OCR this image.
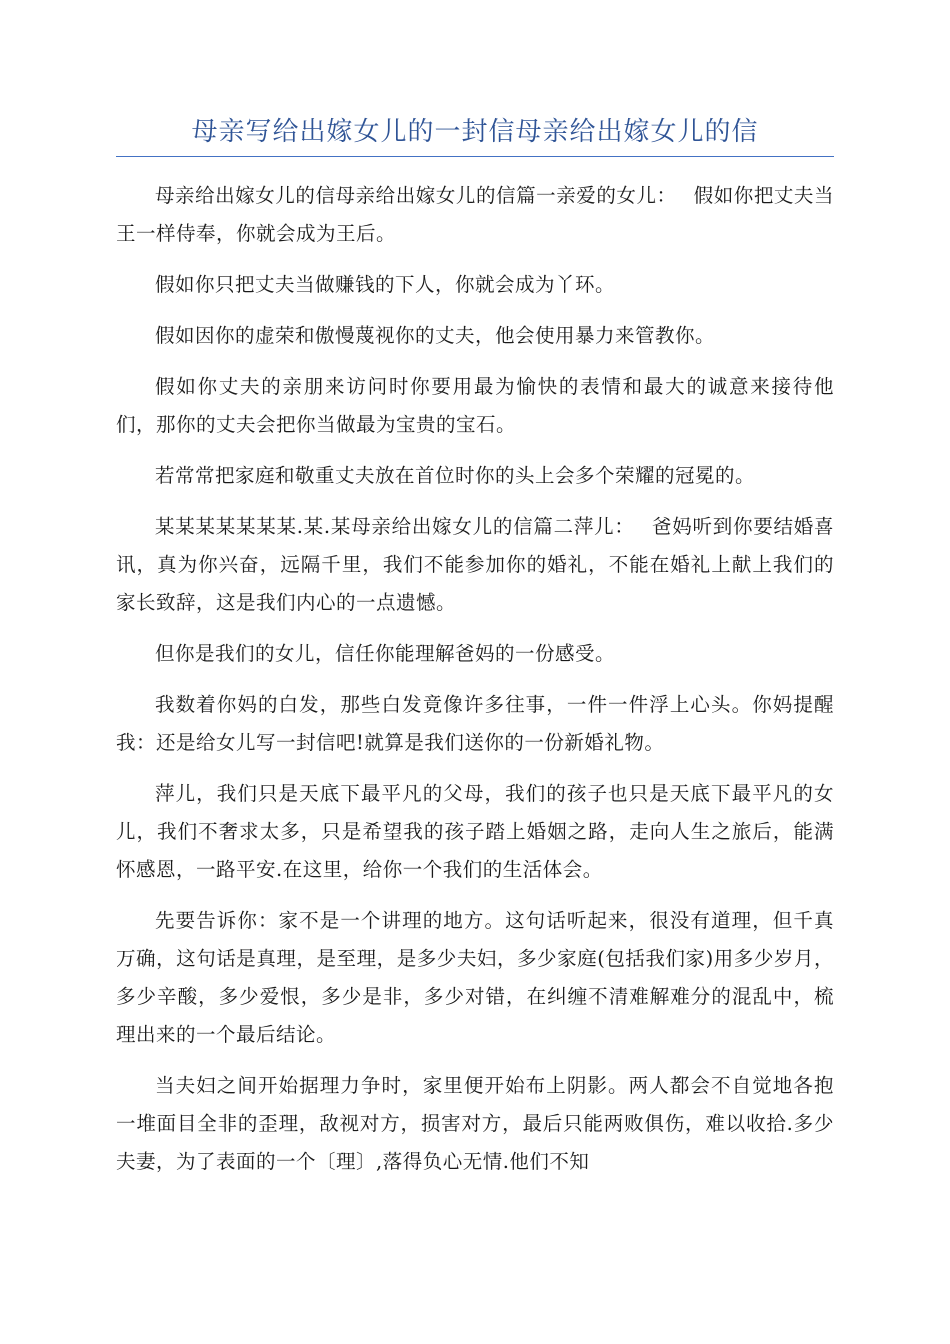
母亲写给出嫁女儿的一封信母亲给出嫁女儿的信

母亲给出嫁女儿的信母亲给出嫁女儿的信篇一亲爱的女儿：　 假如你把丈夫当王一样侍奉，你就会成为王后。

假如你只把丈夫当做赚钱的下人，你就会成为丫环。

假如因你的虚荣和傲慢蔑视你的丈夫，他会使用暴力来管教你。

假如你丈夫的亲朋来访问时你要用最为愉快的表情和最大的诚意来接待他们，那你的丈夫会把你当做最为宝贵的宝石。

若常常把家庭和敬重丈夫放在首位时你的头上会多个荣耀的冠冕的。

某某某某某某某.某.某母亲给出嫁女儿的信篇二萍儿：　 爸妈听到你要结婚喜讯，真为你兴奋，远隔千里，我们不能参加你的婚礼，不能在婚礼上献上我们的家长致辞，这是我们内心的一点遗憾。

但你是我们的女儿，信任你能理解爸妈的一份感受。

我数着你妈的白发，那些白发竟像许多往事，一件一件浮上心头。你妈提醒我：还是给女儿写一封信吧!就算是我们送你的一份新婚礼物。

萍儿，我们只是天底下最平凡的父母，我们的孩子也只是天底下最平凡的女儿，我们不奢求太多，只是希望我的孩子踏上婚姻之路，走向人生之旅后，能满怀感恩，一路平安.在这里，给你一个我们的生活体会。

先要告诉你：家不是一个讲理的地方。这句话听起来，很没有道理，但千真万确，这句话是真理，是至理，是多少夫妇，多少家庭(包括我们家)用多少岁月，多少辛酸，多少爱恨，多少是非，多少对错，在纠缠不清难解难分的混乱中，梳理出来的一个最后结论。

当夫妇之间开始据理力争时，家里便开始布上阴影。两人都会不自觉地各抱一堆面目全非的歪理，敌视对方，损害对方，最后只能两败俱伤，难以收拾.多少夫妻，为了表面的一个〔理〕,落得负心无情.他们不知
